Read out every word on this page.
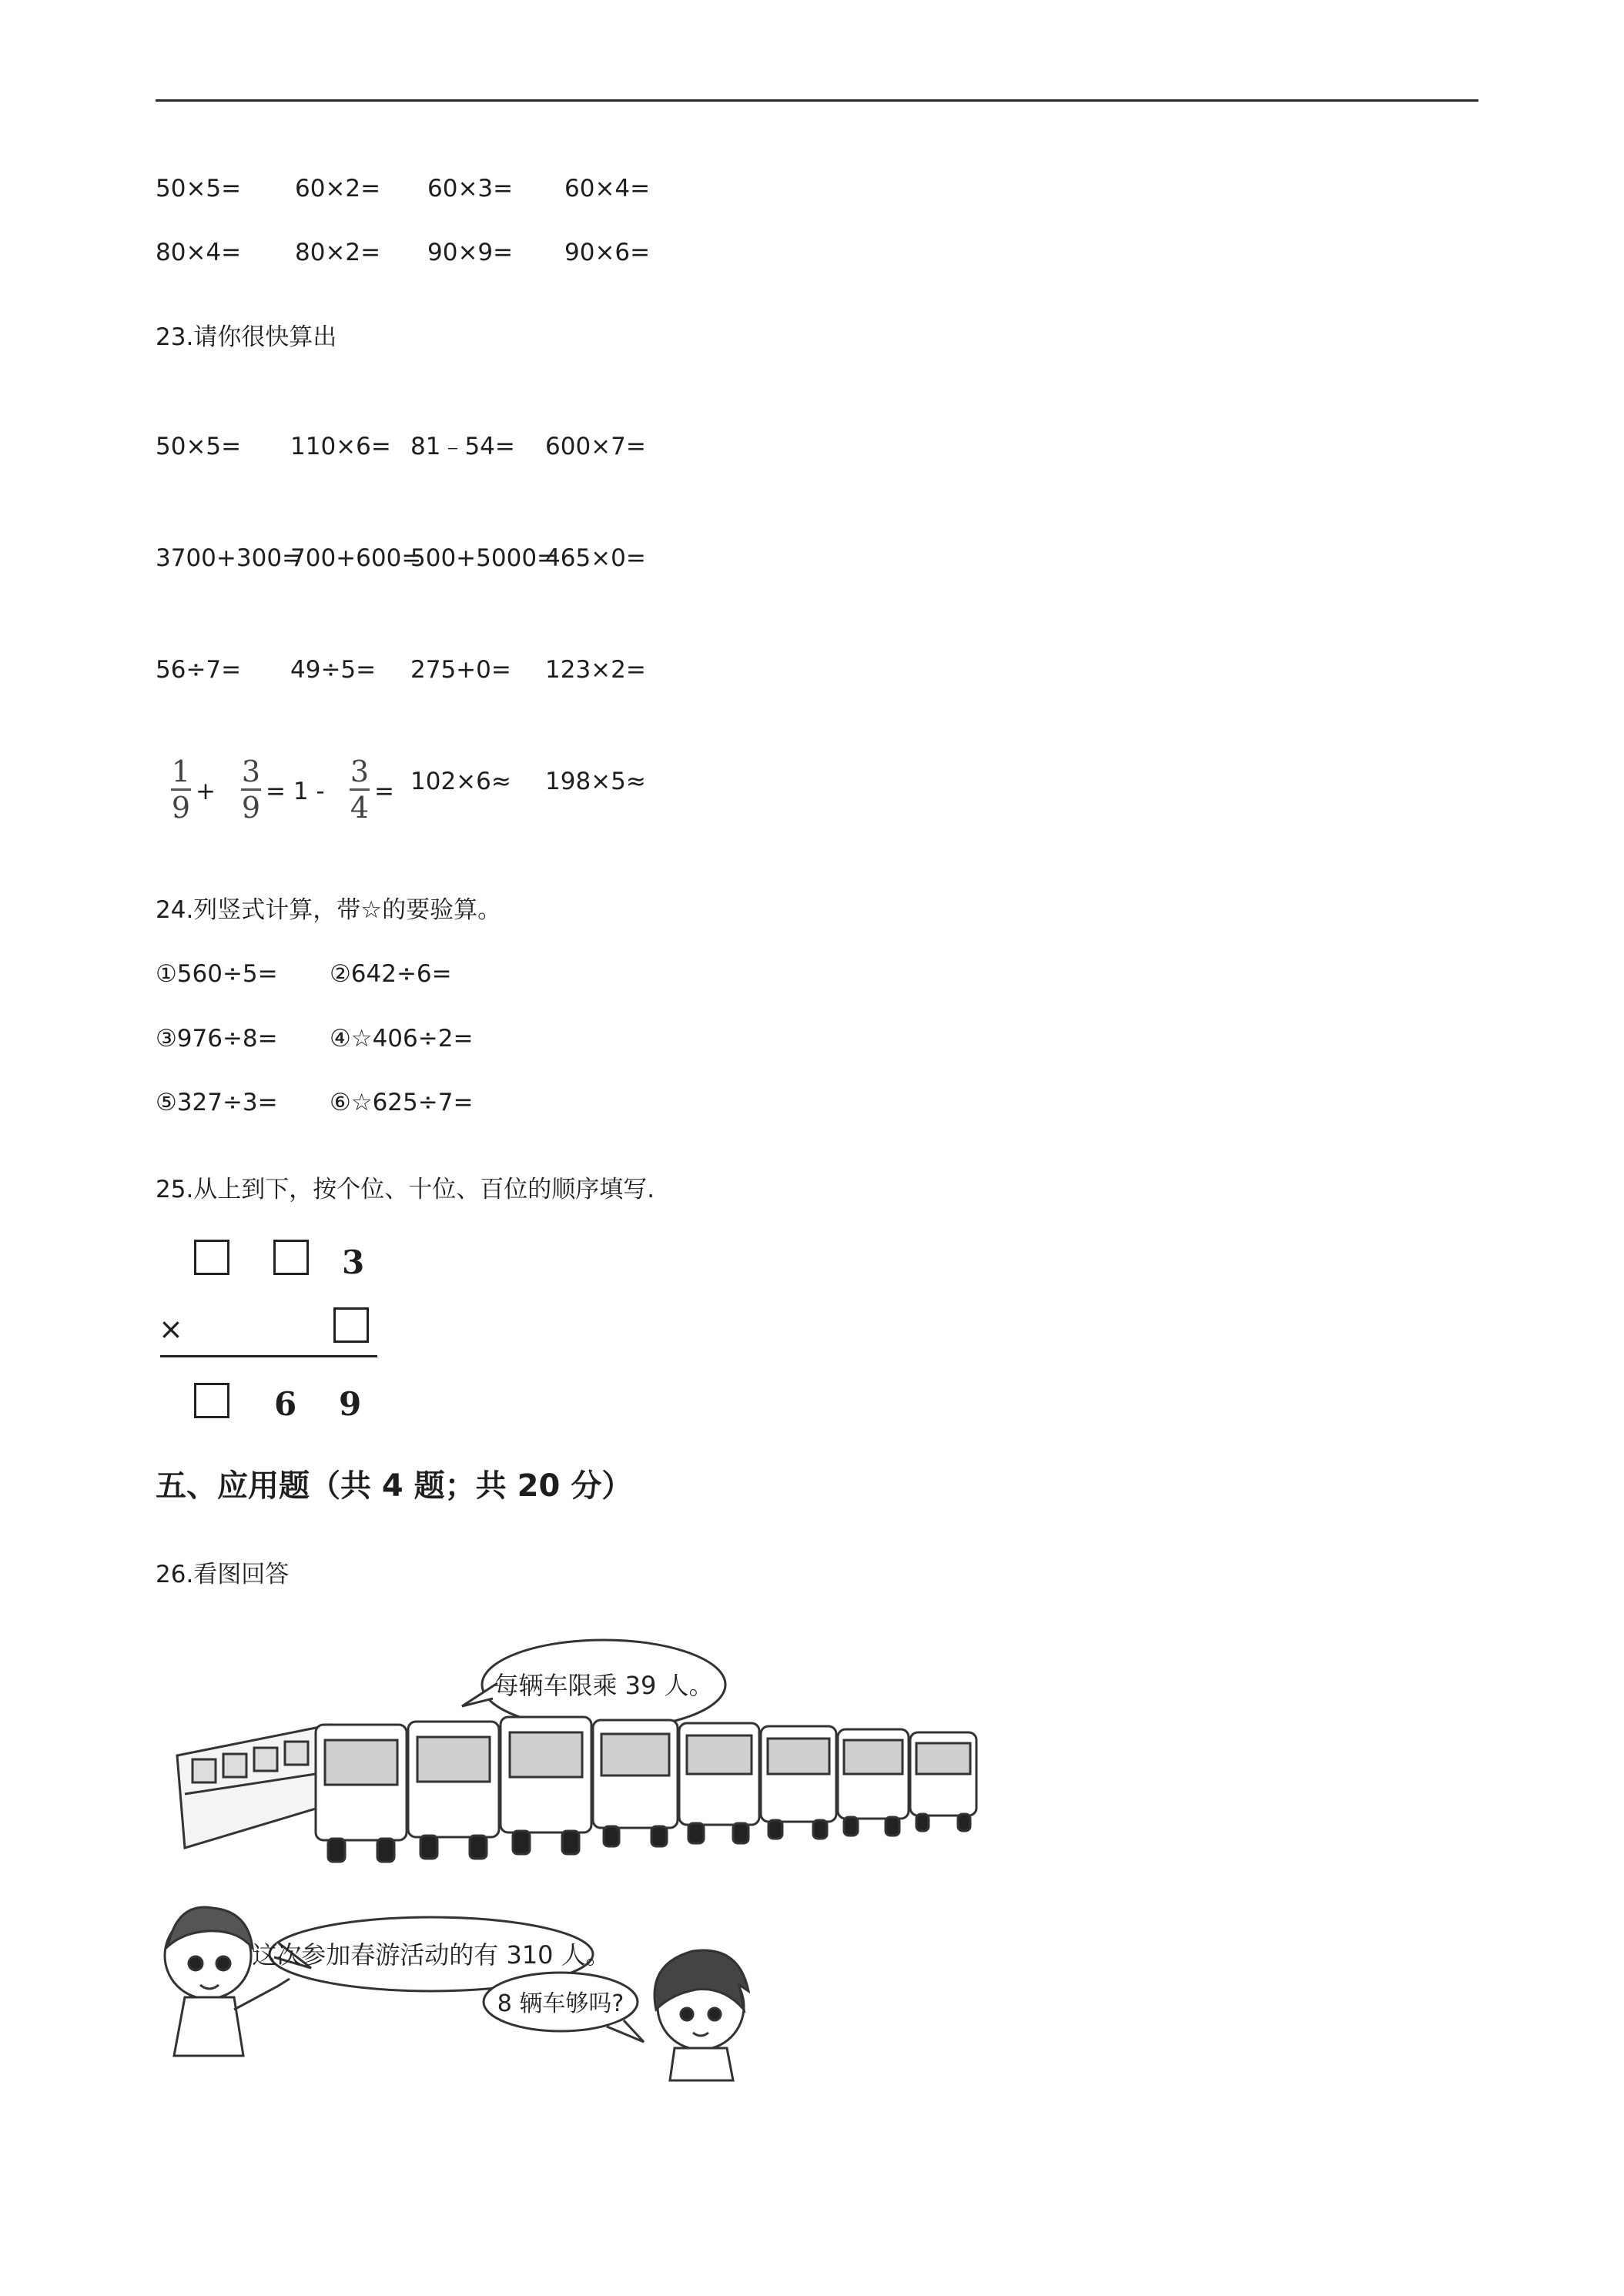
50×5= 60×2= 60×3= 60×4=
80×4= 80×2= 90×9= 90×6=
23.请你很快算出
50×5= 110×6= 81﹣54= 600×7=
3700+300=
700+600=
500+5000=
465×0=
56÷7= 49÷5= 275+0= 123×2=
1
9 +
3
9 = 1 -
3
4 = 102×6≈ 198×5≈
24.列竖式计算，带☆的要验算。
①560÷5= ②642÷6=
③976÷8= ④☆406÷2=
⑤327÷3= ⑥☆625÷7=
25.从上到下，按个位、十位、百位的顺序填写.
3
×
6 9
五、应用题（共 4 题；共 20 分）
26.看图回答
每辆车限乘 39 人。
这次参加春游活动的有 310 人。
8 辆车够吗?
